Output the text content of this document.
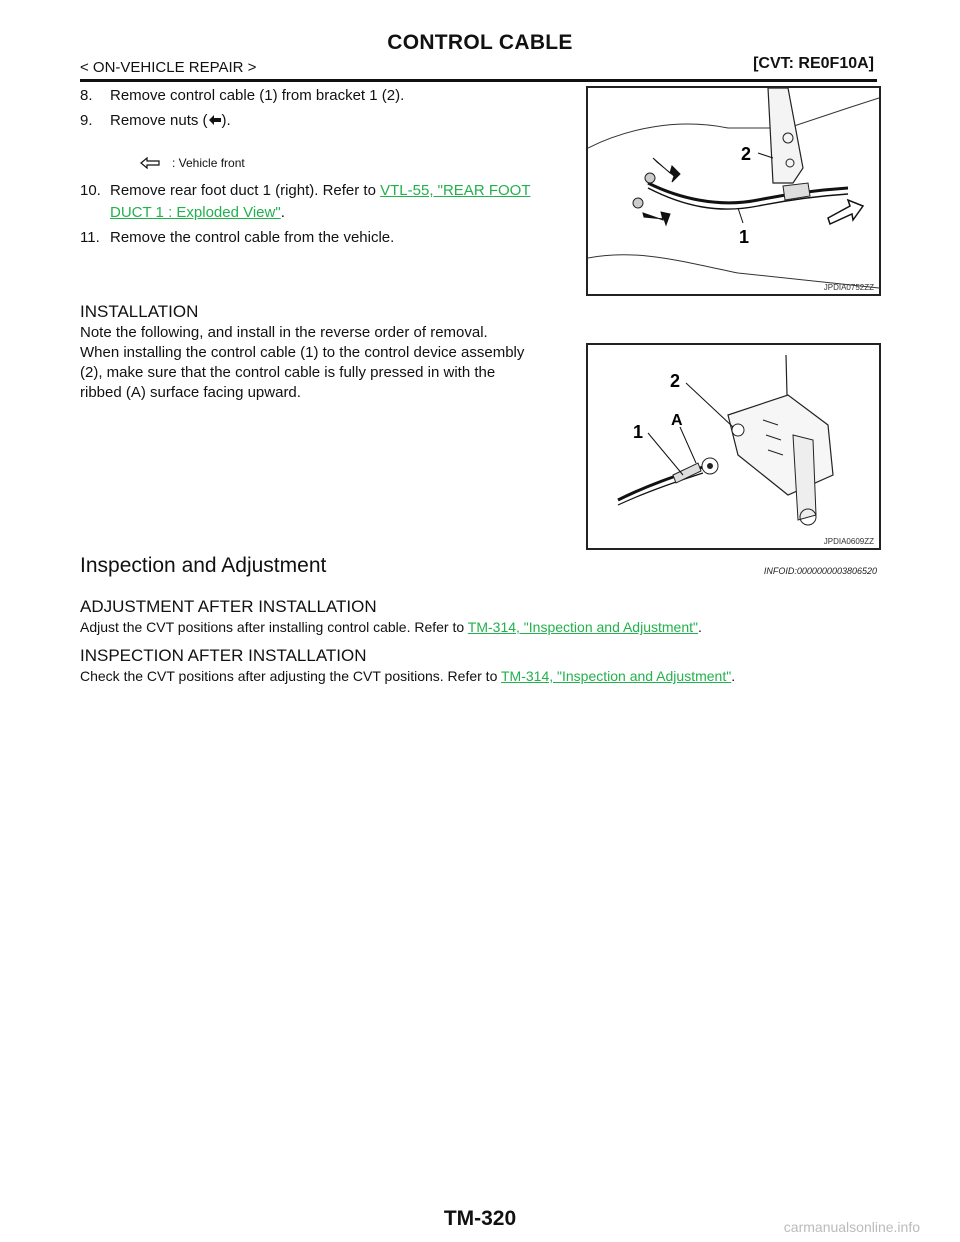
CONTROL CABLE
< ON-VEHICLE REPAIR >	[CVT: RE0F10A]
8. Remove control cable (1) from bracket 1 (2).
9. Remove nuts ( ).
: Vehicle front
10. Remove rear foot duct 1 (right). Refer to VTL-55, "REAR FOOT
DUCT 1 : Exploded View".
11. Remove the control cable from the vehicle.	1
2
JPDIA0752ZZ
INSTALLATION
Note the following, and install in the reverse order of removal.
When installing the control cable (1) to the control device assembly
(2), make sure that the control cable is fully pressed in with the
ribbed (A) surface facing upward.
1
2
A
JPDIA0609ZZ
Inspection and Adjustment	INFOID:0000000003806520
ADJUSTMENT AFTER INSTALLATION
Adjust the CVT positions after installing control cable. Refer to TM-314, "Inspection and Adjustment".
INSPECTION AFTER INSTALLATION
Check the CVT positions after adjusting the CVT positions. Refer to TM-314, "Inspection and Adjustment".
TM-320	carmanualsonline.info
